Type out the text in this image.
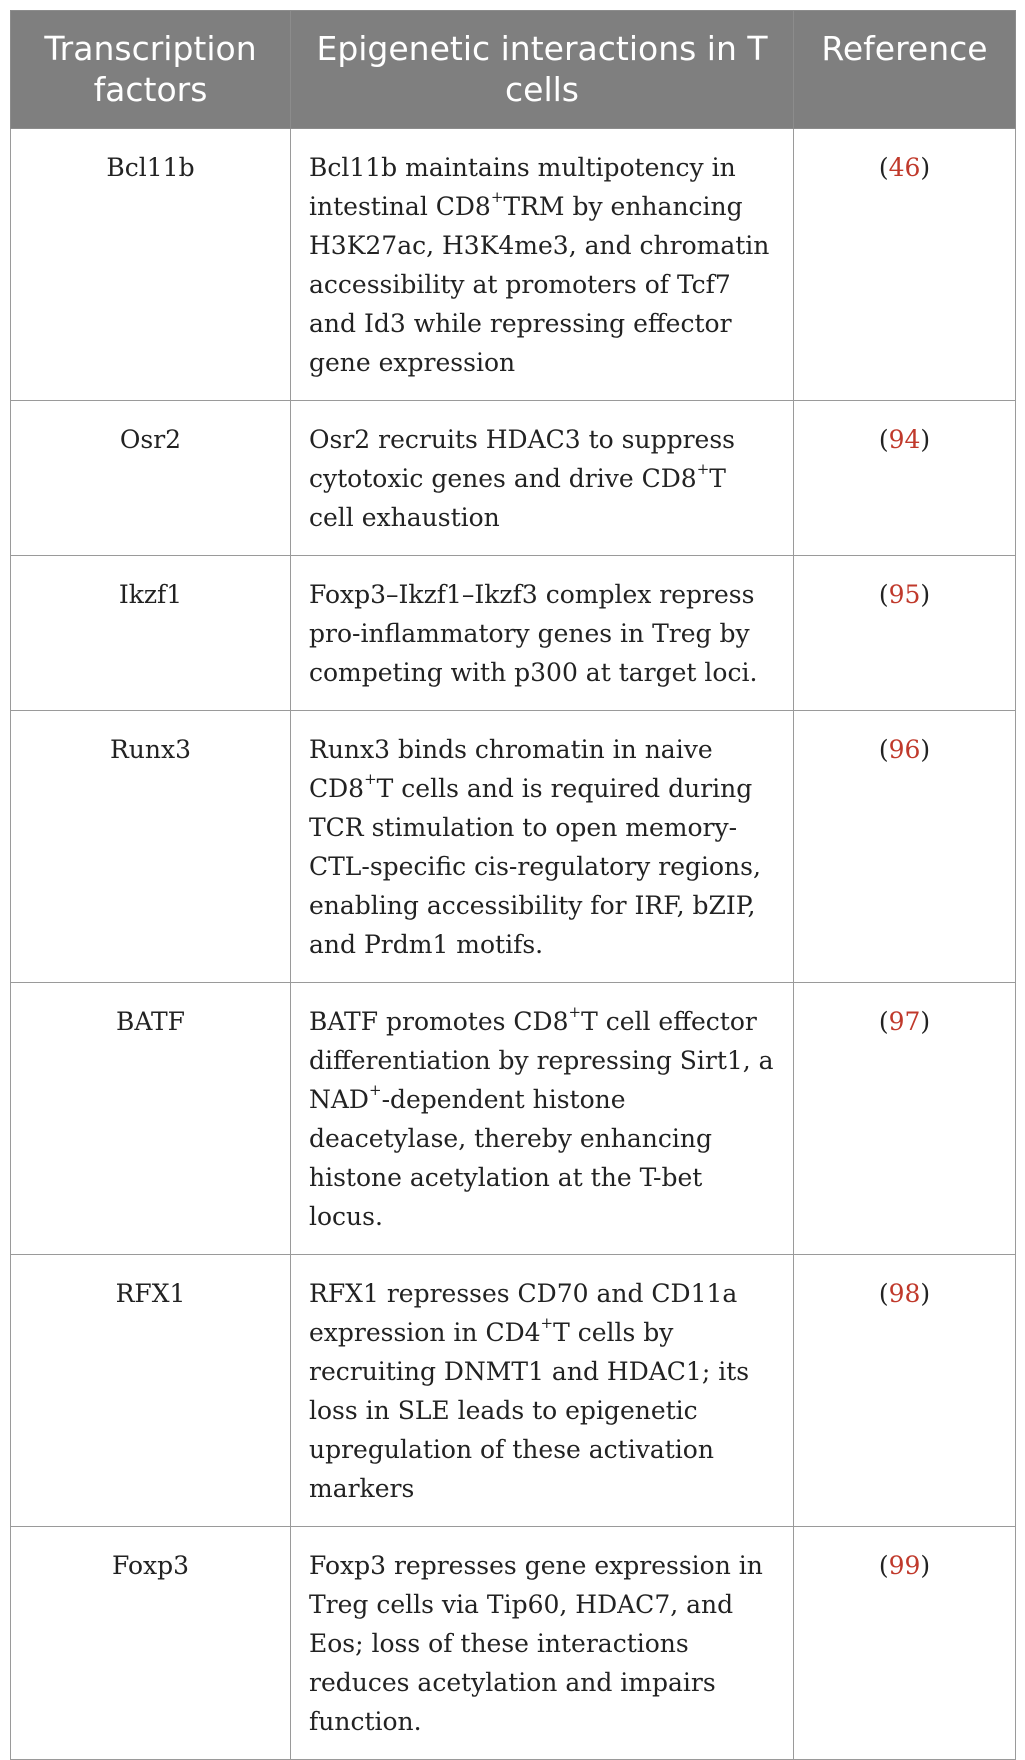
Transcription factors	Epigenetic interactions in T cells	Reference
Bcl11b	Bcl11b maintains multipotency in intestinal CD8+TRM by enhancing H3K27ac, H3K4me3, and chromatin accessibility at promoters of Tcf7 and Id3 while repressing effector gene expression	(46)
Osr2	Osr2 recruits HDAC3 to suppress cytotoxic genes and drive CD8+T cell exhaustion	(94)
Ikzf1	Foxp3–Ikzf1–Ikzf3 complex repress pro-inflammatory genes in Treg by competing with p300 at target loci.	(95)
Runx3	Runx3 binds chromatin in naive CD8+T cells and is required during TCR stimulation to open memory-CTL-specific cis-regulatory regions, enabling accessibility for IRF, bZIP, and Prdm1 motifs.	(96)
BATF	BATF promotes CD8+T cell effector differentiation by repressing Sirt1, a NAD+-dependent histone deacetylase, thereby enhancing histone acetylation at the T-bet locus.	(97)
RFX1	RFX1 represses CD70 and CD11a expression in CD4+T cells by recruiting DNMT1 and HDAC1; its loss in SLE leads to epigenetic upregulation of these activation markers	(98)
Foxp3	Foxp3 represses gene expression in Treg cells via Tip60, HDAC7, and Eos; loss of these interactions reduces acetylation and impairs function.	(99)
